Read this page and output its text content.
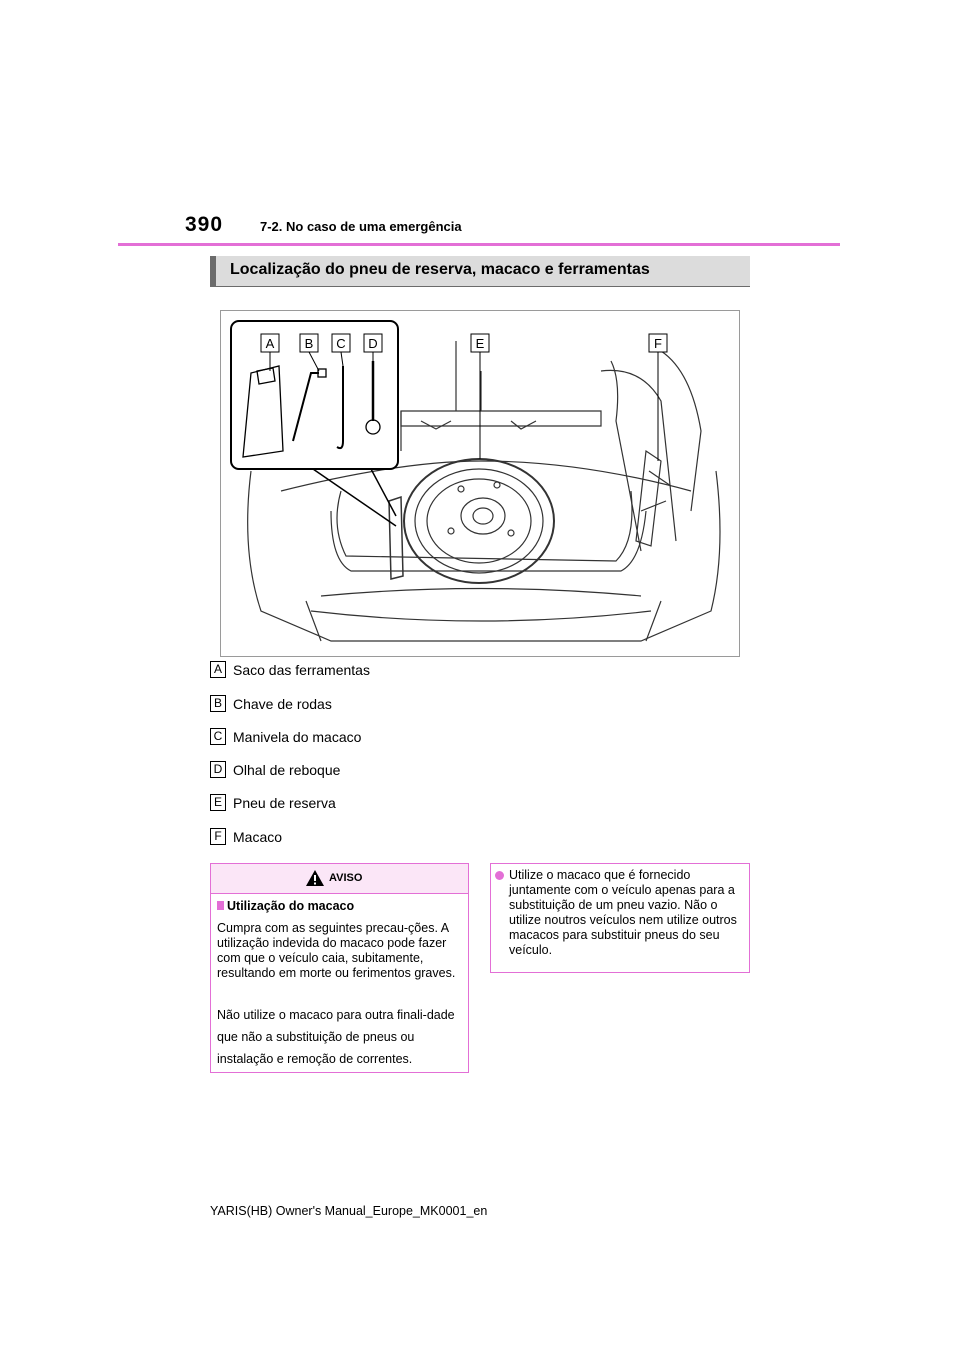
390	7-2. No caso de uma emergência
Localização do pneu de reserva, macaco e ferramentas
A B C D	E	F
A Saco das ferramentas
B Chave de rodas
C Manivela do macaco
D Olhal de reboque
E Pneu de reserva
F Macaco
AVISO
Utilização do macaco
Cumpra com as seguintes precau-ções. A utilização indevida do macaco pode fazer com que o veículo caia, subitamente, resultando em morte ou ferimentos graves.
Não utilize o macaco para outra finali-dade que não a substituição de pneus ou instalação e remoção de correntes.
Utilize o macaco que é fornecido juntamente com o veículo apenas para a substituição de um pneu vazio. Não o utilize noutros veículos nem utilize outros macacos para substituir pneus do seu veículo.
YARIS(HB) Owner's Manual_Europe_MK0001_en
